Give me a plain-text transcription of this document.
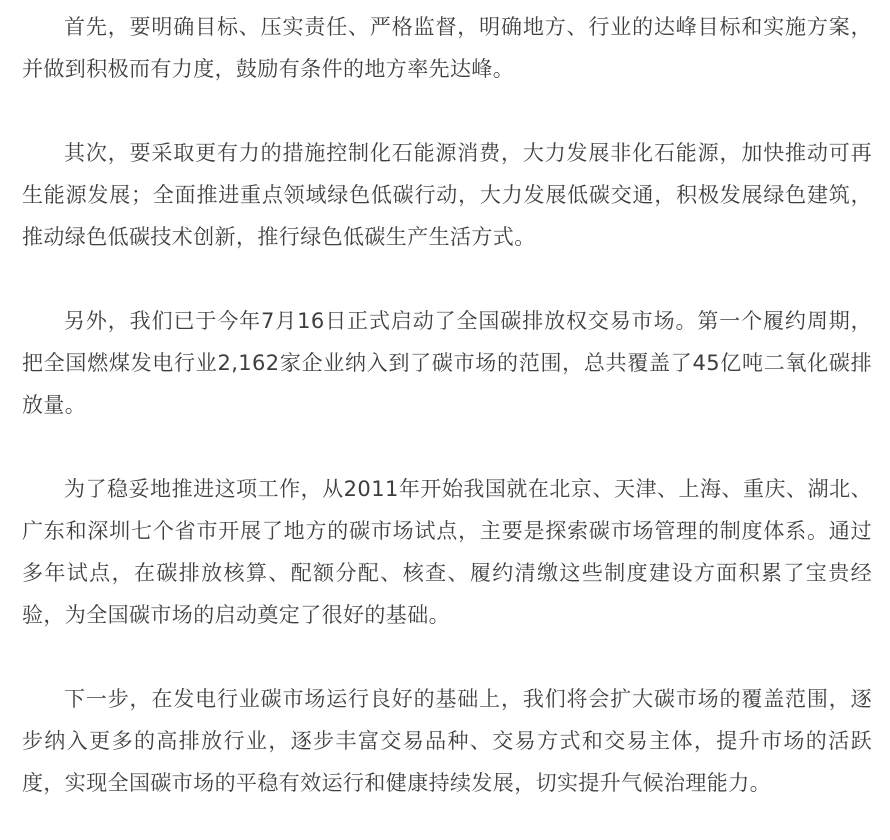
首先，要明确目标、压实责任、严格监督，明确地方、行业的达峰目标和实施方案，并做到积极而有力度，鼓励有条件的地方率先达峰。

其次，要采取更有力的措施控制化石能源消费，大力发展非化石能源，加快推动可再生能源发展；全面推进重点领域绿色低碳行动，大力发展低碳交通，积极发展绿色建筑，推动绿色低碳技术创新，推行绿色低碳生产生活方式。

另外，我们已于今年7月16日正式启动了全国碳排放权交易市场。第一个履约周期，把全国燃煤发电行业2,162家企业纳入到了碳市场的范围，总共覆盖了45亿吨二氧化碳排放量。

为了稳妥地推进这项工作，从2011年开始我国就在北京、天津、上海、重庆、湖北、广东和深圳七个省市开展了地方的碳市场试点，主要是探索碳市场管理的制度体系。通过多年试点，在碳排放核算、配额分配、核查、履约清缴这些制度建设方面积累了宝贵经验，为全国碳市场的启动奠定了很好的基础。

下一步，在发电行业碳市场运行良好的基础上，我们将会扩大碳市场的覆盖范围，逐步纳入更多的高排放行业，逐步丰富交易品种、交易方式和交易主体，提升市场的活跃度，实现全国碳市场的平稳有效运行和健康持续发展，切实提升气候治理能力。
